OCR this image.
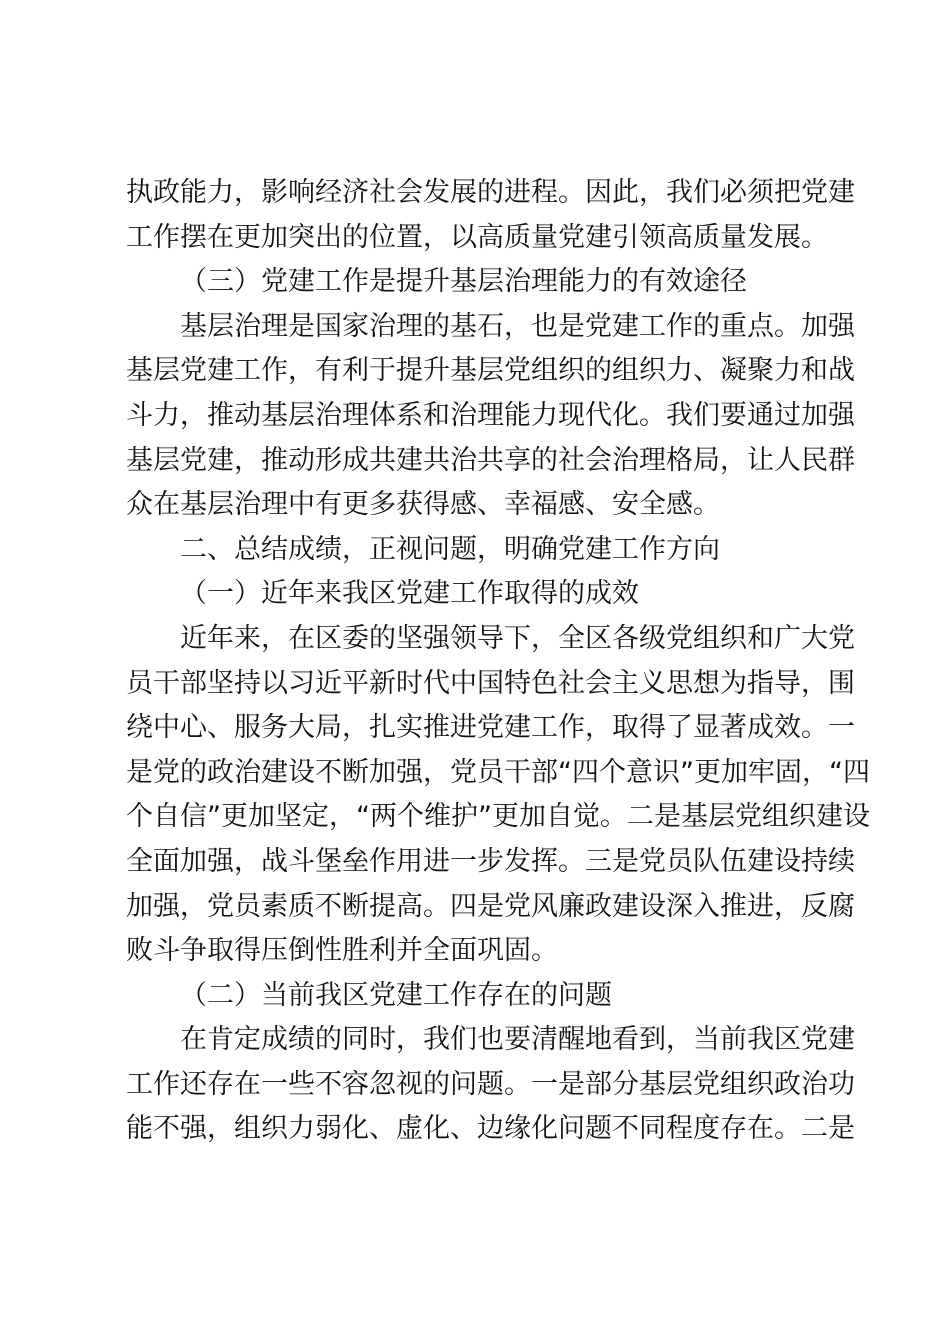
执政能力，影响经济社会发展的进程。因此，我们必须把党建
工作摆在更加突出的位置，以高质量党建引领高质量发展。
（三）党建工作是提升基层治理能力的有效途径
基层治理是国家治理的基石，也是党建工作的重点。加强
基层党建工作，有利于提升基层党组织的组织力、凝聚力和战
斗力，推动基层治理体系和治理能力现代化。我们要通过加强
基层党建，推动形成共建共治共享的社会治理格局，让人民群
众在基层治理中有更多获得感、幸福感、安全感。
二、总结成绩，正视问题，明确党建工作方向
（一）近年来我区党建工作取得的成效
近年来，在区委的坚强领导下，全区各级党组织和广大党
员干部坚持以习近平新时代中国特色社会主义思想为指导，围
绕中心、服务大局，扎实推进党建工作，取得了显著成效。一
是党的政治建设不断加强，党员干部“四个意识”更加牢固，“四
个自信”更加坚定，“两个维护”更加自觉。二是基层党组织建设
全面加强，战斗堡垒作用进一步发挥。三是党员队伍建设持续
加强，党员素质不断提高。四是党风廉政建设深入推进，反腐
败斗争取得压倒性胜利并全面巩固。
（二）当前我区党建工作存在的问题
在肯定成绩的同时，我们也要清醒地看到，当前我区党建
工作还存在一些不容忽视的问题。一是部分基层党组织政治功
能不强，组织力弱化、虚化、边缘化问题不同程度存在。二是
